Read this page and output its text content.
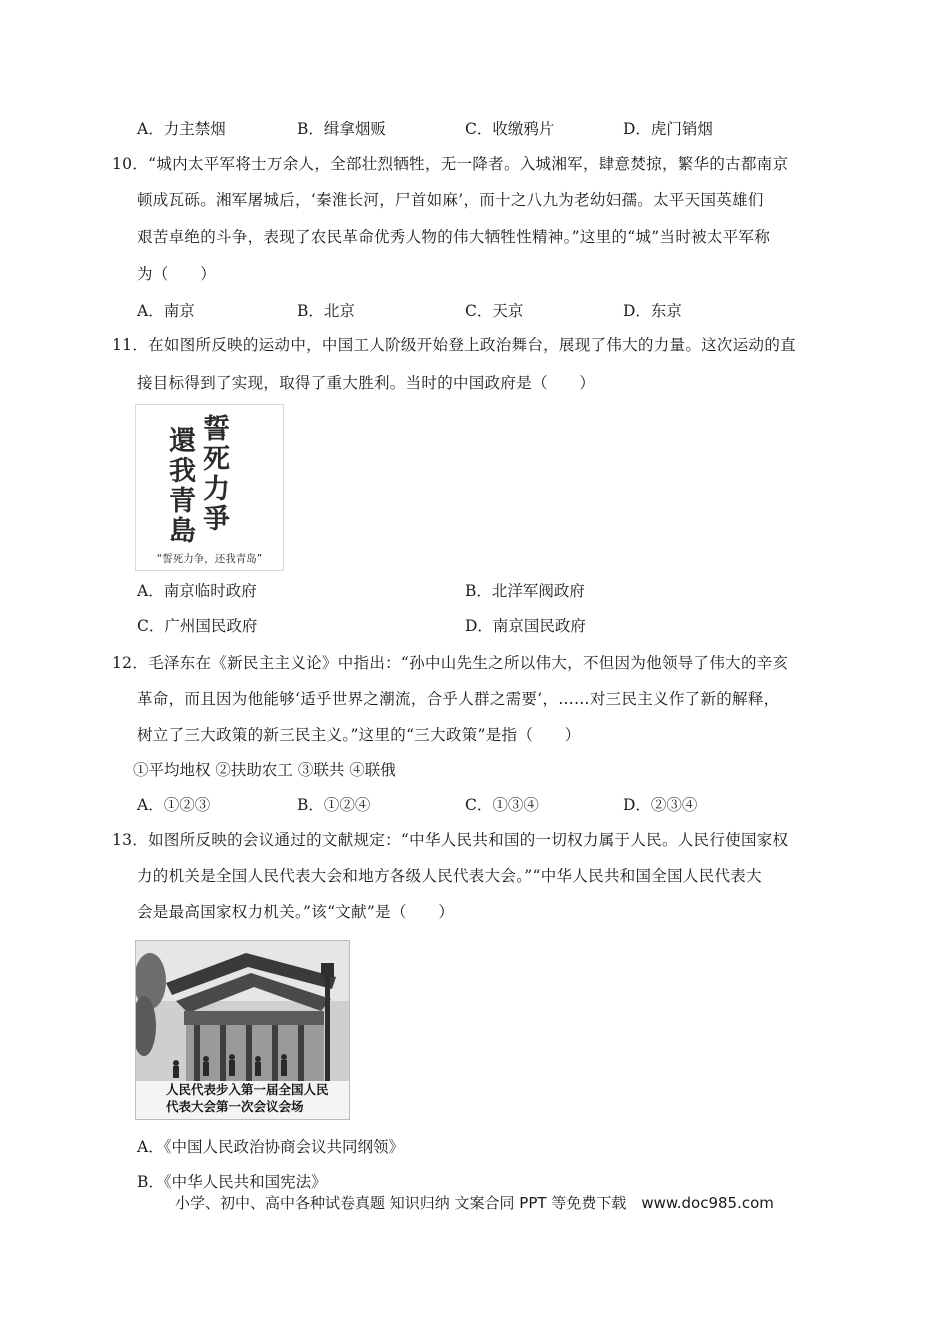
A．力主禁烟	B．缉拿烟贩	C．收缴鸦片	D．虎门销烟
10．“城内太平军将士万余人，全部壮烈牺牲，无一降者。入城湘军，肆意焚掠，繁华的古都南京
顿成瓦砾。湘军屠城后，‘秦淮长河，尸首如麻’，而十之八九为老幼妇孺。太平天国英雄们
艰苦卓绝的斗争，表现了农民革命优秀人物的伟大牺牲性精神。”这里的“城”当时被太平军称
为（　　）
A．南京	B．北京	C．天京	D．东京
11．在如图所反映的运动中，中国工人阶级开始登上政治舞台，展现了伟大的力量。这次运动的直
接目标得到了实现，取得了重大胜利。当时的中国政府是（　　）
誓
死
力
爭
還
我
青
島
“誓死力争，还我青岛”
A．南京临时政府	B．北洋军阀政府
C．广州国民政府	D．南京国民政府
12．毛泽东在《新民主主义论》中指出：“孙中山先生之所以伟大，不但因为他领导了伟大的辛亥
革命，而且因为他能够‘适乎世界之潮流，合乎人群之需要’，……对三民主义作了新的解释，
树立了三大政策的新三民主义。”这里的“三大政策”是指（　　）
①平均地权 ②扶助农工 ③联共 ④联俄
A．①②③	B．①②④	C．①③④	D．②③④
13．如图所反映的会议通过的文献规定：“中华人民共和国的一切权力属于人民。人民行使国家权
力的机关是全国人民代表大会和地方各级人民代表大会。”“中华人民共和国全国人民代表大
会是最高国家权力机关。”该“文献”是（　　）
人民代表步入第一届全国人民
代表大会第一次会议会场
A．《中国人民政治协商会议共同纲领》
B．《中华人民共和国宪法》
小学、初中、高中各种试卷真题 知识归纳 文案合同 PPT 等免费下载　www.doc985.com
